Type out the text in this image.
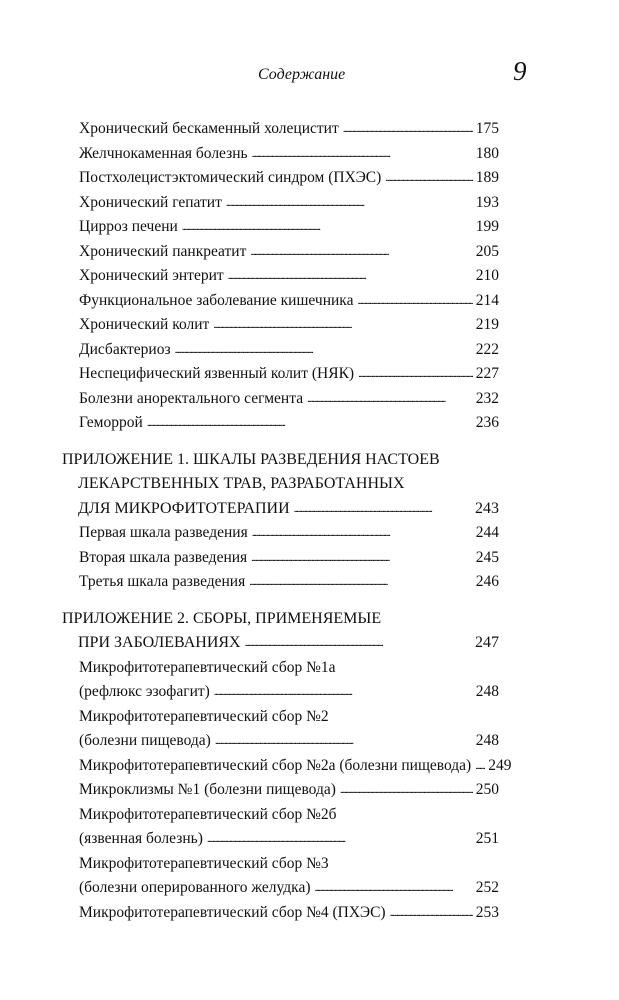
Содержание	9
Хронический бескаменный холецистит . . .	175
Желчнокаменная болезнь . . .	180
Постхолецистэктомический синдром (ПХЭС) . . .	189
Хронический гепатит . . .	193
Цирроз печени . . .	199
Хронический панкреатит . . .	205
Хронический энтерит . . .	210
Функциональное заболевание кишечника . . .	214
Хронический колит . . .	219
Дисбактериоз . . .	222
Неспецифический язвенный колит (НЯК) . . .	227
Болезни аноректального сегмента . . .	232
Геморрой . . .	236
ПРИЛОЖЕНИЕ 1. ШКАЛЫ РАЗВЕДЕНИЯ НАСТОЕВ
ЛЕКАРСТВЕННЫХ ТРАВ, РАЗРАБОТАННЫХ
ДЛЯ МИКРОФИТОТЕРАПИИ . . .	243
Первая шкала разведения . . .	244
Вторая шкала разведения . . .	245
Третья шкала разведения . . .	246
ПРИЛОЖЕНИЕ 2. СБОРЫ, ПРИМЕНЯЕМЫЕ
ПРИ ЗАБОЛЕВАНИЯХ . . .	247
Микрофитотерапевтический сбор №1а
(рефлюкс эзофагит) . . .	248
Микрофитотерапевтический сбор №2
(болезни пищевода) . . .	248
Микрофитотерапевтический сбор №2а (болезни пищевода) . . . 249
Микроклизмы №1 (болезни пищевода) . . .	250
Микрофитотерапевтический сбор №2б
(язвенная болезнь) . . .	251
Микрофитотерапевтический сбор №3
(болезни оперированного желудка) . . .	252
Микрофитотерапевтический сбор №4 (ПХЭС) . . .	253
